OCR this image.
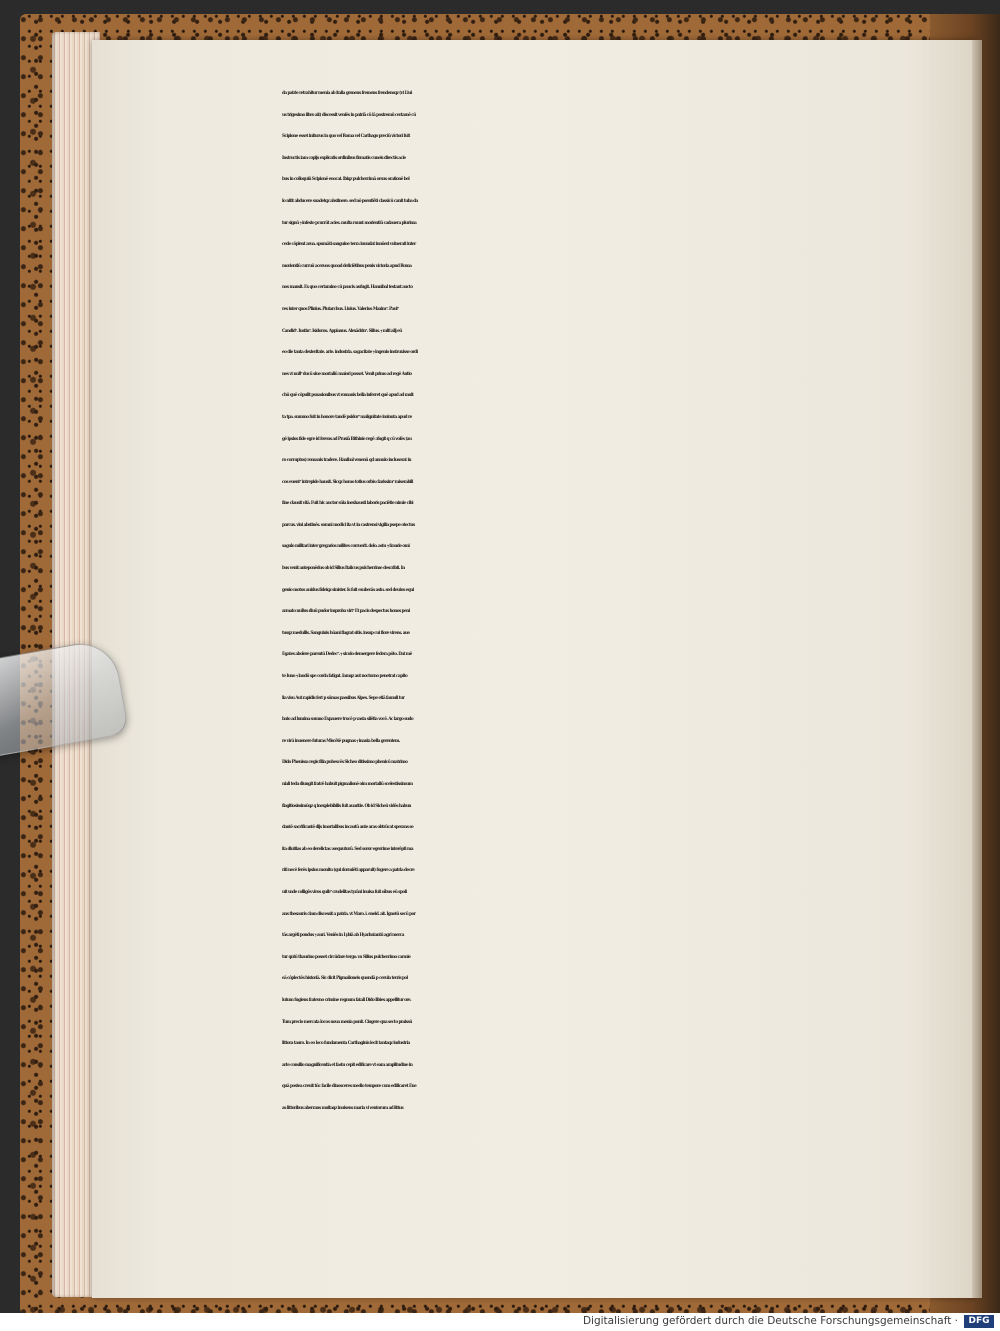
da patrie retrahitur menia ab italia gemens fremens frendensqz (vt Liui
us trigesimo libro ait) discessit veniēs in patriā cū iā postremū certamē cū
Scipione esset initurus in quo vel Roma vel Carthago preciū victori fuit
Instructis iam copijs explicatis ordinibus firmatis cuneis directis acie
bus in colloquiū Scipionē euocat. Ibiqz pulcherrimā orsus orationē bel
lo nitit abducere suadetqz abstinere. sed nō psentiēti classicū canit tuba da
tur signū ⁊ infeste pcurrūt acies. multa ruunt morientiū cadauera plurima
cede cōplent arua. spumāti sanguine terra inundat innūeri vulnerati inter
morientiū curruū aceruos quoad deficiētibus penis victoria apud Roma
nos mansit. Ex quo certamine cū paucis aufugit. Hannibal testant aucto
res inter quos Plinius. Plutarchus. Liuius. Valerius Maxim⁹. Paul⁹
Candid⁹. Iustin⁹. Isidorus. Appianus. Alexādrin⁹. Silius. ⁊ mlti alij eū
eo die tanta dexteritate. arte. industria. sagacitate ⁊ ingenio instruxisse ordi
nes vt null⁹ ducū siue mortaliū maiori posset. Venit primo ad regē Antio
chū quē cōpulit psuasionibus vt romanis bella inferret quē apud ad mult
ta tpa. summo fuit in honore tandē psidor⁹ malignitate iminuta apud re
gē ipsius fide egre id ferens ad Prusiā Bithinie regē ɔfugit q cū volēs (au
ro corruptus) romanis tradere. Hanibal venenū qd annulo incluserat in
cos euent⁹ intrepide hausit. Sicqz homo totius orbis clarissim⁹ miserabili
fine clausit vitā. Fuit hic auctor sūia inexhausti laboris paciētie nimie cibi
parcus. vini abstinēs. somni modici ita vt in castrensi vigilia psepe otectus
sagulo militari inter gregarios milites corruerit. dolo. astu ⁊ fraude omi
bus venit anteponēdus ob id Silius Italicus pulcherrime describit. In
genio motus auidus fideiqz sinister. Is fuit exuberās astu. sed deuius equi
armato nullus diuū pudor improba virt⁹ Et pacis despectus honos peni
tusqz medullis. Sanguinis hūani flagrat sitis. insup cui flore virens. aue
Egates abolere parentū Dedec⁹. ⁊ siculo demergere federa pōto. Dat mē
te Iuno ⁊ laudū spe corda fatigat. Iamqz aut nocturno penetrat capito
lia visu Aut rapidis fert p sūmas passibus Alpes. Sepe etiā famuli tur
bato ad lumina somno Expauere trucē p vasta silētia vocē. Ac largo sudo
re virū inuenere futuras Miscētē pugnas ⁊ inania bella gerentem.
Dido Phenissa regis filia pubescēs Sicheo ditissimo phenicū matrimo
niali teda diungit fratrē habuit pigmalionē oim mortaliū scelestissimum
flagitiosissimūqz q inexplebibilis fuit auaritie. Ob id Sicheū vidēs habun
dantē sacrificantē dijs imortalibus incautū ante aras obtrūcat sperans se
ita diuitias ab eo derelictas ɔsequuturū. Sed soror egerrime interēpti ma
riti necē ferēs ipsius monitu (qui dormiēti apparuit) fugere a patria decre
uit vnde colligēs viros quib⁹ crudelitas tyrāni inuisa fuit oībus eū spoli
ans thesauris clam discessit a patria. vt Maro. i. eneid. ait. Ignotū secū por
tās argēti pondus ⁊ auri. Veniēs in Lybiā ab Hyarbatantū agri merca
tur qntū thaurino posset circūdare tergo. vn Silius pulcherrimo carmie
eā cōplectēs historiā. Sic dicit Pigmalioneis quondā p cerula terris pol
lutum fugiens fraterno crimine regnum fatali Dido libies appellitur ore.
Tum precio mercata locos noua menia ponit. Cingere qua secto pmissū
littora tauro. In eo loco fundamenta Carthaginis iecit tantaqz industria
arte consilio magnificentia et fastu cepit edificare vt eam amplitudine in
quā postea creuit tūc facile dinosceres medio tempore cum edificaret Ene
as littoribus aberrans multaqz inuisens maria vi ventorum ad littus
Digitalisierung gefördert durch die Deutsche Forschungsgemeinschaft ·	DFG
